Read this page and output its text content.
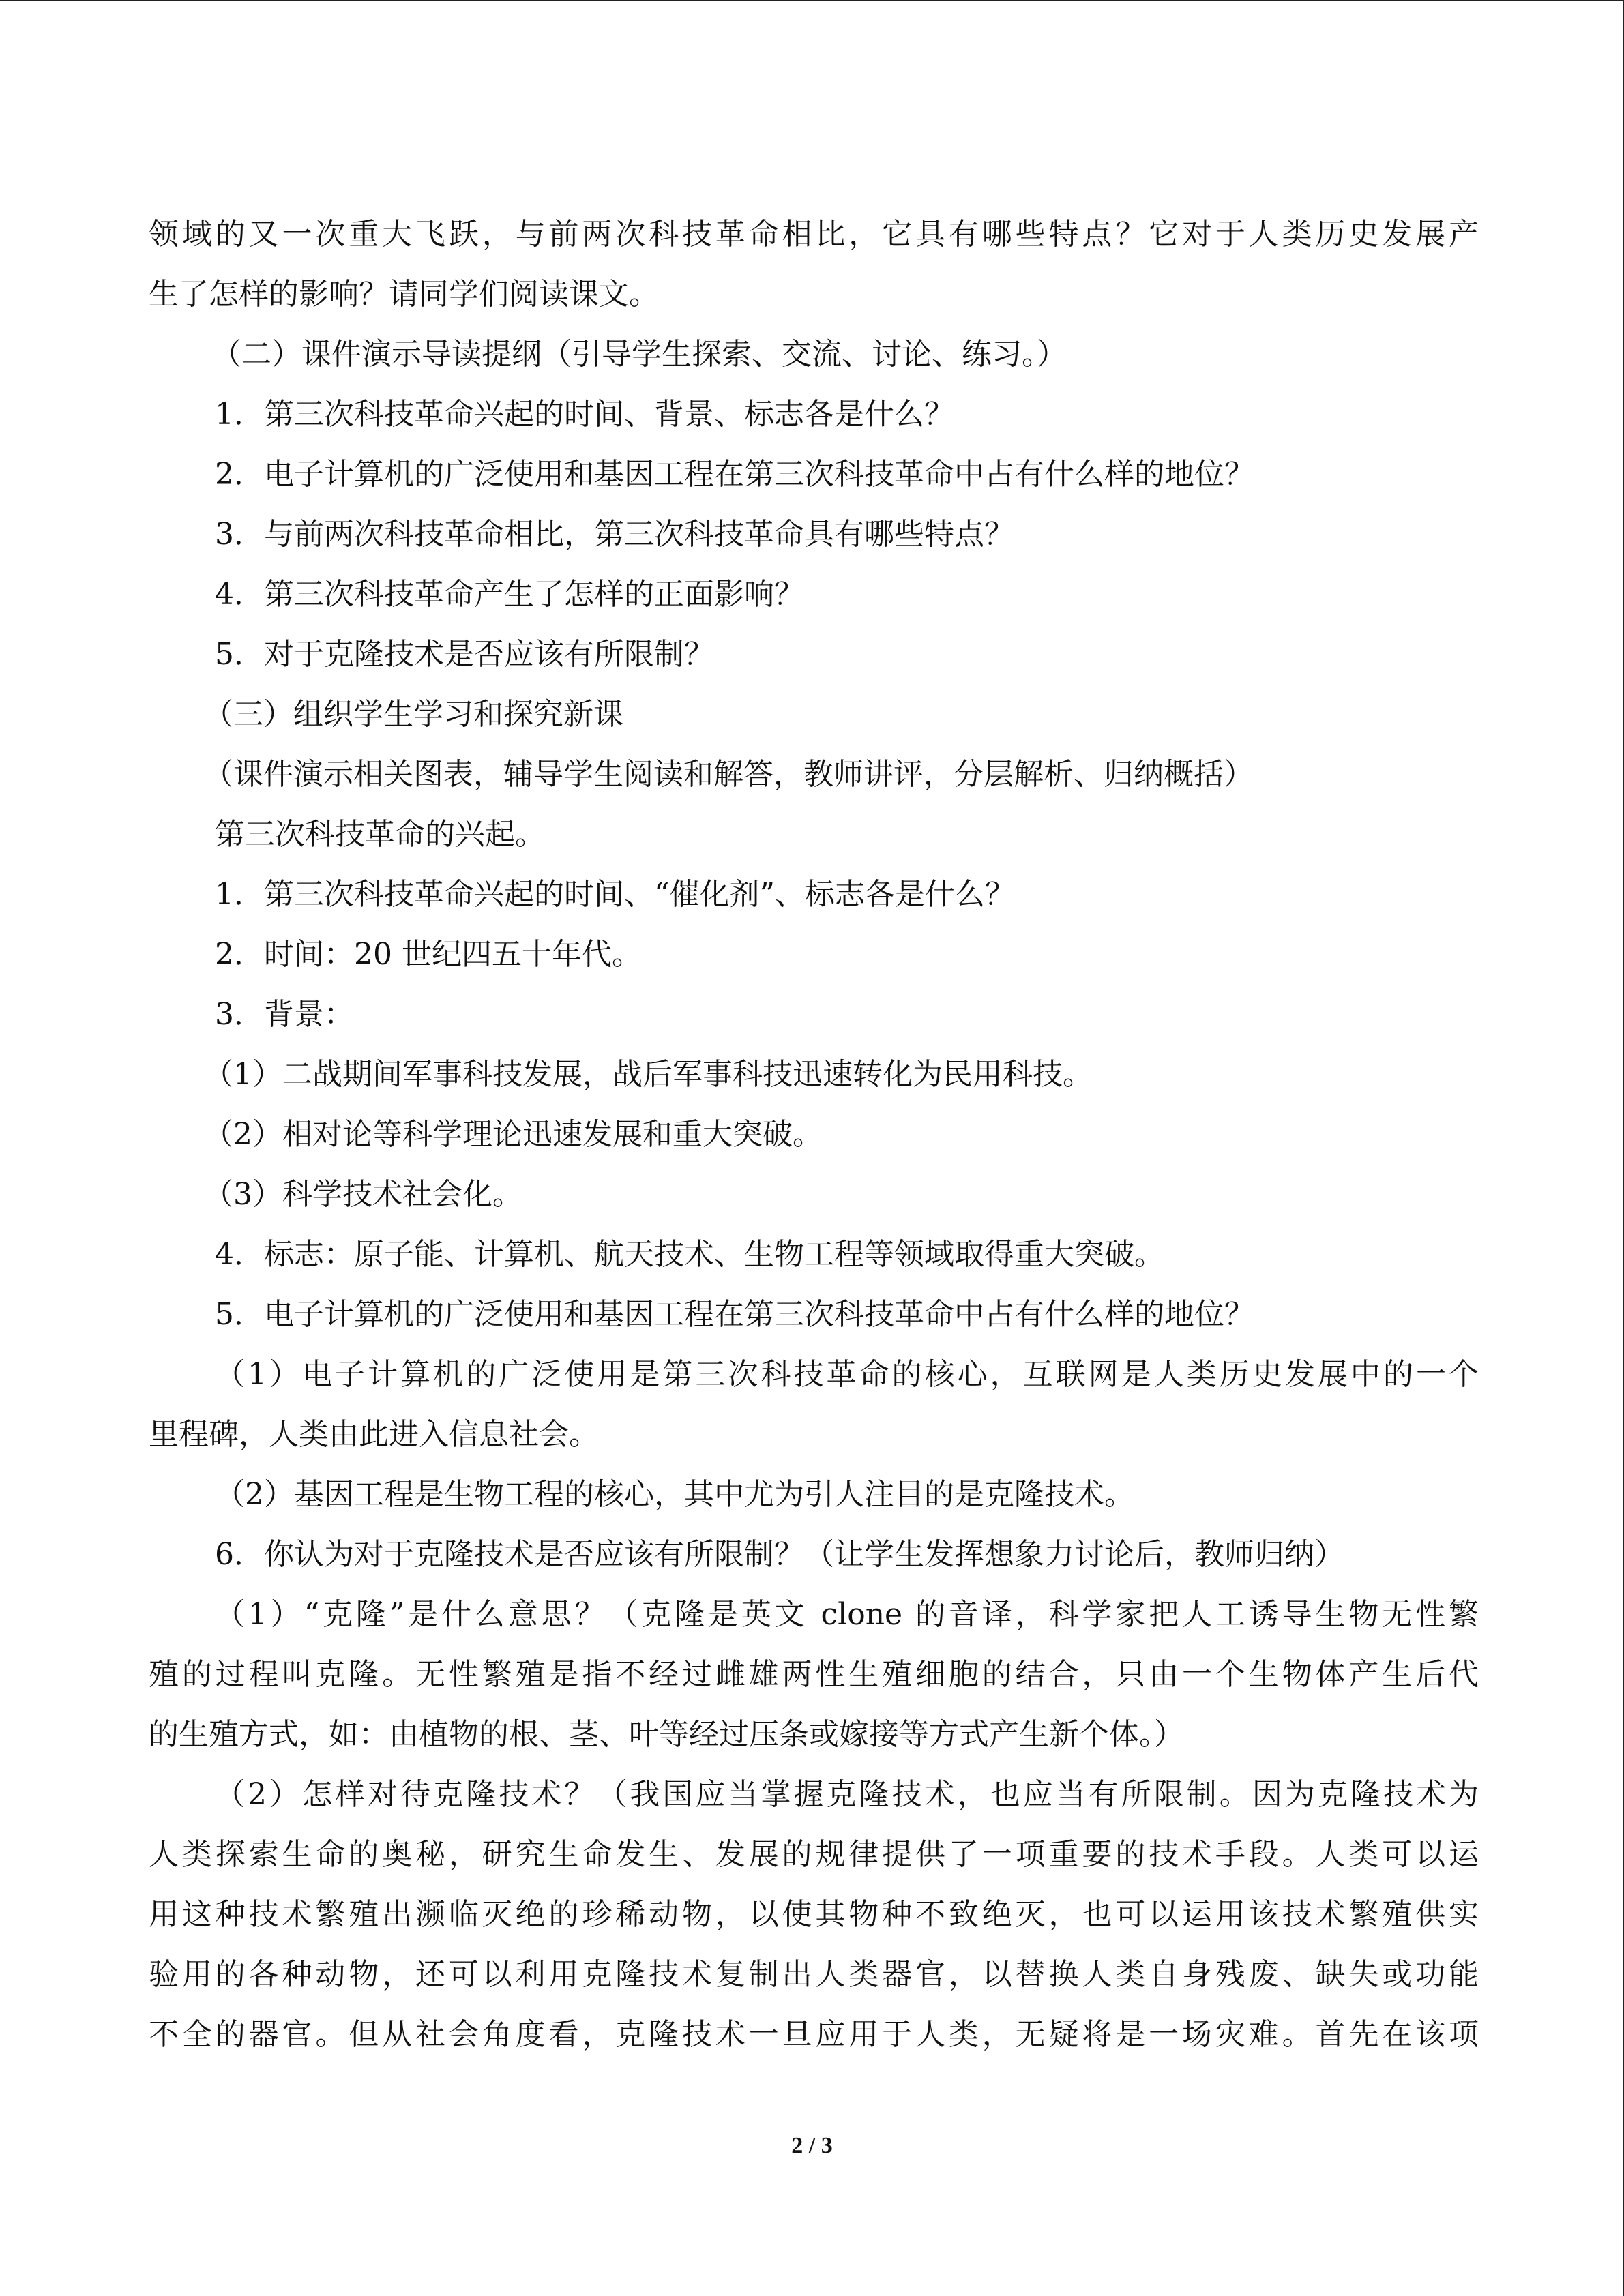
领域的又一次重大飞跃，与前两次科技革命相比，它具有哪些特点？它对于人类历史发展产
生了怎样的影响？请同学们阅读课文。
（二）课件演示导读提纲（引导学生探索、交流、讨论、练习。）
1．第三次科技革命兴起的时间、背景、标志各是什么？
2．电子计算机的广泛使用和基因工程在第三次科技革命中占有什么样的地位？
3．与前两次科技革命相比，第三次科技革命具有哪些特点？
4．第三次科技革命产生了怎样的正面影响？
5．对于克隆技术是否应该有所限制？
（三）组织学生学习和探究新课
（课件演示相关图表，辅导学生阅读和解答，教师讲评，分层解析、归纳概括）
第三次科技革命的兴起。
1．第三次科技革命兴起的时间、“催化剂”、标志各是什么？
2．时间：20 世纪四五十年代。
3．背景：
（1）二战期间军事科技发展，战后军事科技迅速转化为民用科技。
（2）相对论等科学理论迅速发展和重大突破。
（3）科学技术社会化。
4．标志：原子能、计算机、航天技术、生物工程等领域取得重大突破。
5．电子计算机的广泛使用和基因工程在第三次科技革命中占有什么样的地位？
（1）电子计算机的广泛使用是第三次科技革命的核心，互联网是人类历史发展中的一个
里程碑，人类由此进入信息社会。
（2）基因工程是生物工程的核心，其中尤为引人注目的是克隆技术。
6．你认为对于克隆技术是否应该有所限制？（让学生发挥想象力讨论后，教师归纳）
（1）“克隆”是什么意思？（克隆是英文 clone 的音译，科学家把人工诱导生物无性繁
殖的过程叫克隆。无性繁殖是指不经过雌雄两性生殖细胞的结合，只由一个生物体产生后代
的生殖方式，如：由植物的根、茎、叶等经过压条或嫁接等方式产生新个体。）
（2）怎样对待克隆技术？（我国应当掌握克隆技术，也应当有所限制。因为克隆技术为
人类探索生命的奥秘，研究生命发生、发展的规律提供了一项重要的技术手段。人类可以运
用这种技术繁殖出濒临灭绝的珍稀动物，以使其物种不致绝灭，也可以运用该技术繁殖供实
验用的各种动物，还可以利用克隆技术复制出人类器官，以替换人类自身残废、缺失或功能
不全的器官。但从社会角度看，克隆技术一旦应用于人类，无疑将是一场灾难。首先在该项
2 / 3
